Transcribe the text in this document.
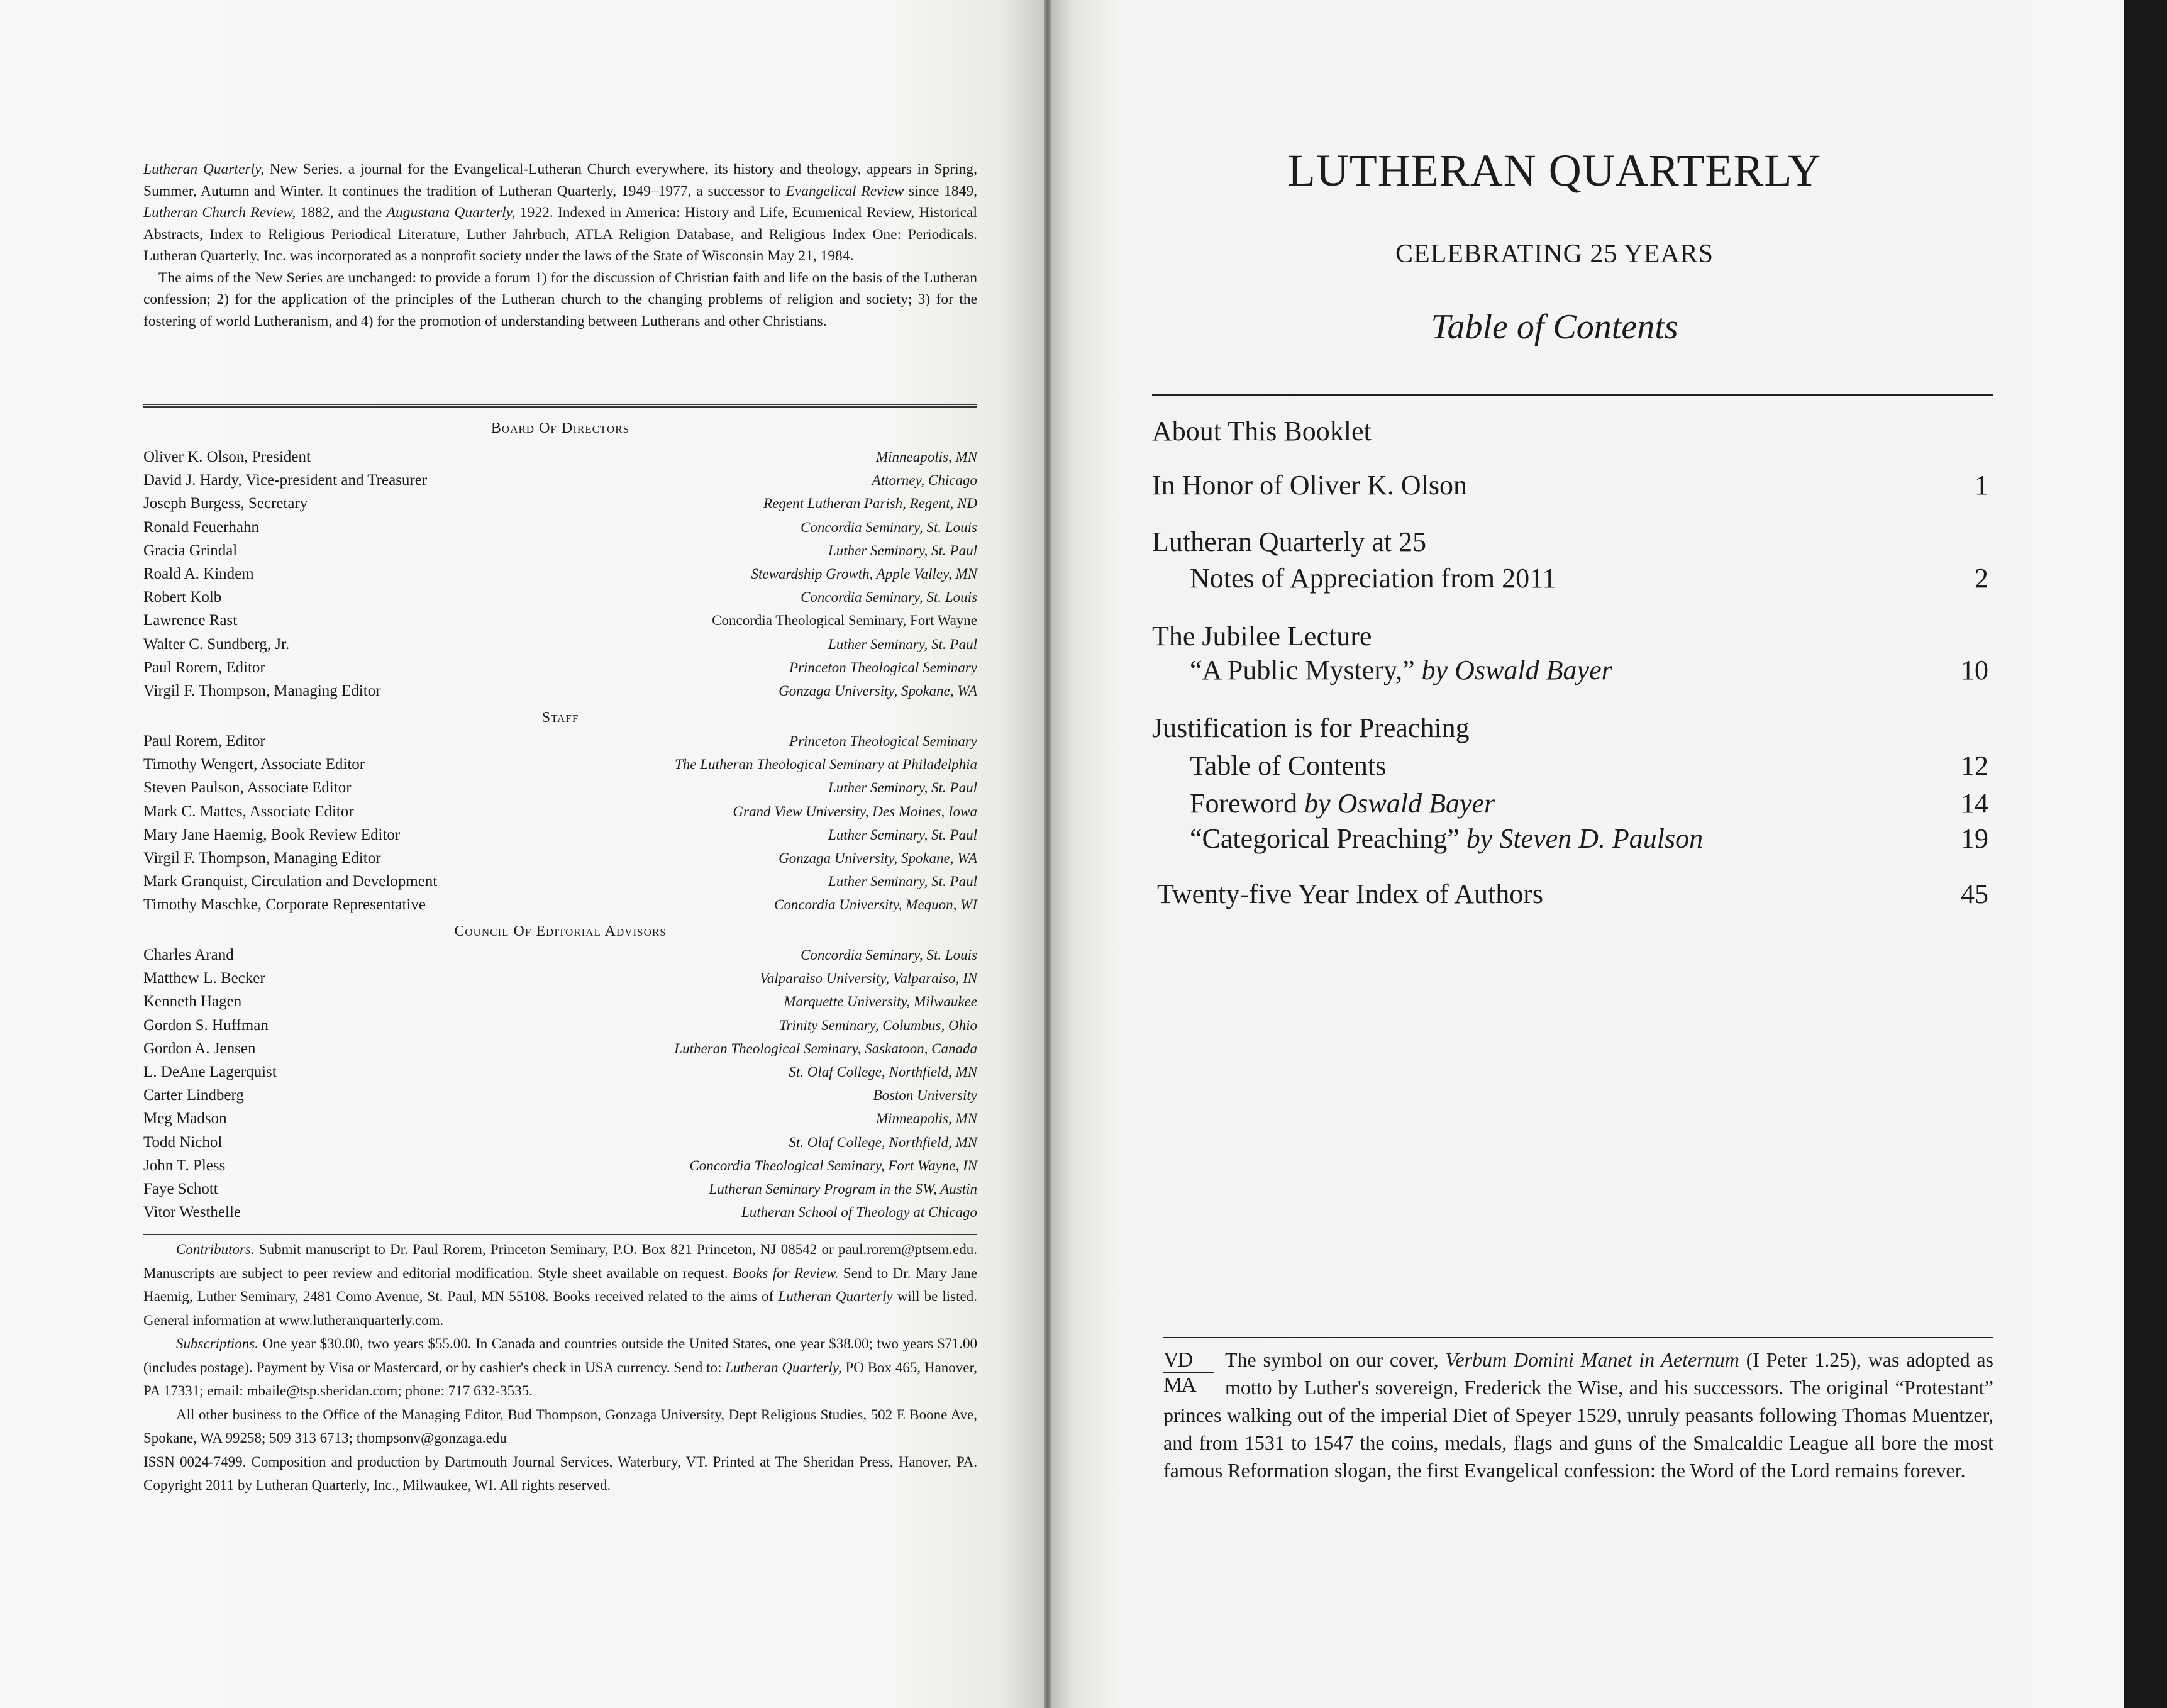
Lutheran Quarterly, New Series, a journal for the Evangelical-Lutheran Church everywhere, its history and theology, appears in Spring, Summer, Autumn and Winter. It continues the tradition of Lutheran Quarterly, 1949–1977, a successor to Evangelical Review since 1849, Lutheran Church Review, 1882, and the Augustana Quarterly, 1922. Indexed in America: History and Life, Ecumenical Review, Historical Abstracts, Index to Religious Periodical Literature, Luther Jahrbuch, ATLA Religion Database, and Religious Index One: Periodicals. Lutheran Quarterly, Inc. was incorporated as a nonprofit society under the laws of the State of Wisconsin May 21, 1984.

The aims of the New Series are unchanged: to provide a forum 1) for the discussion of Christian faith and life on the basis of the Lutheran confession; 2) for the application of the principles of the Lutheran church to the changing problems of religion and society; 3) for the fostering of world Lutheranism, and 4) for the promotion of understanding between Lutherans and other Christians.

Board Of Directors
Oliver K. Olson, President	Minneapolis, MN
David J. Hardy, Vice-president and Treasurer	Attorney, Chicago
Joseph Burgess, Secretary	Regent Lutheran Parish, Regent, ND
Ronald Feuerhahn	Concordia Seminary, St. Louis
Gracia Grindal	Luther Seminary, St. Paul
Roald A. Kindem	Stewardship Growth, Apple Valley, MN
Robert Kolb	Concordia Seminary, St. Louis
Lawrence Rast	Concordia Theological Seminary, Fort Wayne
Walter C. Sundberg, Jr.	Luther Seminary, St. Paul
Paul Rorem, Editor	Princeton Theological Seminary
Virgil F. Thompson, Managing Editor	Gonzaga University, Spokane, WA
Staff
Paul Rorem, Editor	Princeton Theological Seminary
Timothy Wengert, Associate Editor	The Lutheran Theological Seminary at Philadelphia
Steven Paulson, Associate Editor	Luther Seminary, St. Paul
Mark C. Mattes, Associate Editor	Grand View University, Des Moines, Iowa
Mary Jane Haemig, Book Review Editor	Luther Seminary, St. Paul
Virgil F. Thompson, Managing Editor	Gonzaga University, Spokane, WA
Mark Granquist, Circulation and Development	Luther Seminary, St. Paul
Timothy Maschke, Corporate Representative	Concordia University, Mequon, WI
Council Of Editorial Advisors
Charles Arand	Concordia Seminary, St. Louis
Matthew L. Becker	Valparaiso University, Valparaiso, IN
Kenneth Hagen	Marquette University, Milwaukee
Gordon S. Huffman	Trinity Seminary, Columbus, Ohio
Gordon A. Jensen	Lutheran Theological Seminary, Saskatoon, Canada
L. DeAne Lagerquist	St. Olaf College, Northfield, MN
Carter Lindberg	Boston University
Meg Madson	Minneapolis, MN
Todd Nichol	St. Olaf College, Northfield, MN
John T. Pless	Concordia Theological Seminary, Fort Wayne, IN
Faye Schott	Lutheran Seminary Program in the SW, Austin
Vitor Westhelle	Lutheran School of Theology at Chicago

Contributors. Submit manuscript to Dr. Paul Rorem, Princeton Seminary, P.O. Box 821 Princeton, NJ 08542 or paul.rorem@ptsem.edu. Manuscripts are subject to peer review and editorial modification. Style sheet available on request. Books for Review. Send to Dr. Mary Jane Haemig, Luther Seminary, 2481 Como Avenue, St. Paul, MN 55108. Books received related to the aims of Lutheran Quarterly will be listed. General information at www.lutheranquarterly.com.

Subscriptions. One year $30.00, two years $55.00. In Canada and countries outside the United States, one year $38.00; two years $71.00 (includes postage). Payment by Visa or Mastercard, or by cashier's check in USA currency. Send to: Lutheran Quarterly, PO Box 465, Hanover, PA 17331; email: mbaile@tsp.sheridan.com; phone: 717 632-3535.

All other business to the Office of the Managing Editor, Bud Thompson, Gonzaga University, Dept Religious Studies, 502 E Boone Ave, Spokane, WA 99258; 509 313 6713; thompsonv@gonzaga.edu

ISSN 0024-7499. Composition and production by Dartmouth Journal Services, Waterbury, VT. Printed at The Sheridan Press, Hanover, PA. Copyright 2011 by Lutheran Quarterly, Inc., Milwaukee, WI. All rights reserved.

LUTHERAN QUARTERLY
CELEBRATING 25 YEARS
Table of Contents
About This Booklet
In Honor of Oliver K. Olson	1
Lutheran Quarterly at 25
Notes of Appreciation from 2011	2
The Jubilee Lecture
“A Public Mystery,” by Oswald Bayer	10
Justification is for Preaching
Table of Contents	12
Foreword by Oswald Bayer	14
“Categorical Preaching” by Steven D. Paulson	19
Twenty-five Year Index of Authors	45
VD
MA
The symbol on our cover, Verbum Domini Manet in Aeternum (I Peter 1.25), was adopted as motto by Luther's sovereign, Frederick the Wise, and his successors. The original “Protestant” princes walking out of the imperial Diet of Speyer 1529, unruly peasants following Thomas Muentzer, and from 1531 to 1547 the coins, medals, flags and guns of the Smalcaldic League all bore the most famous Reformation slogan, the first Evangelical confession: the Word of the Lord remains forever.
